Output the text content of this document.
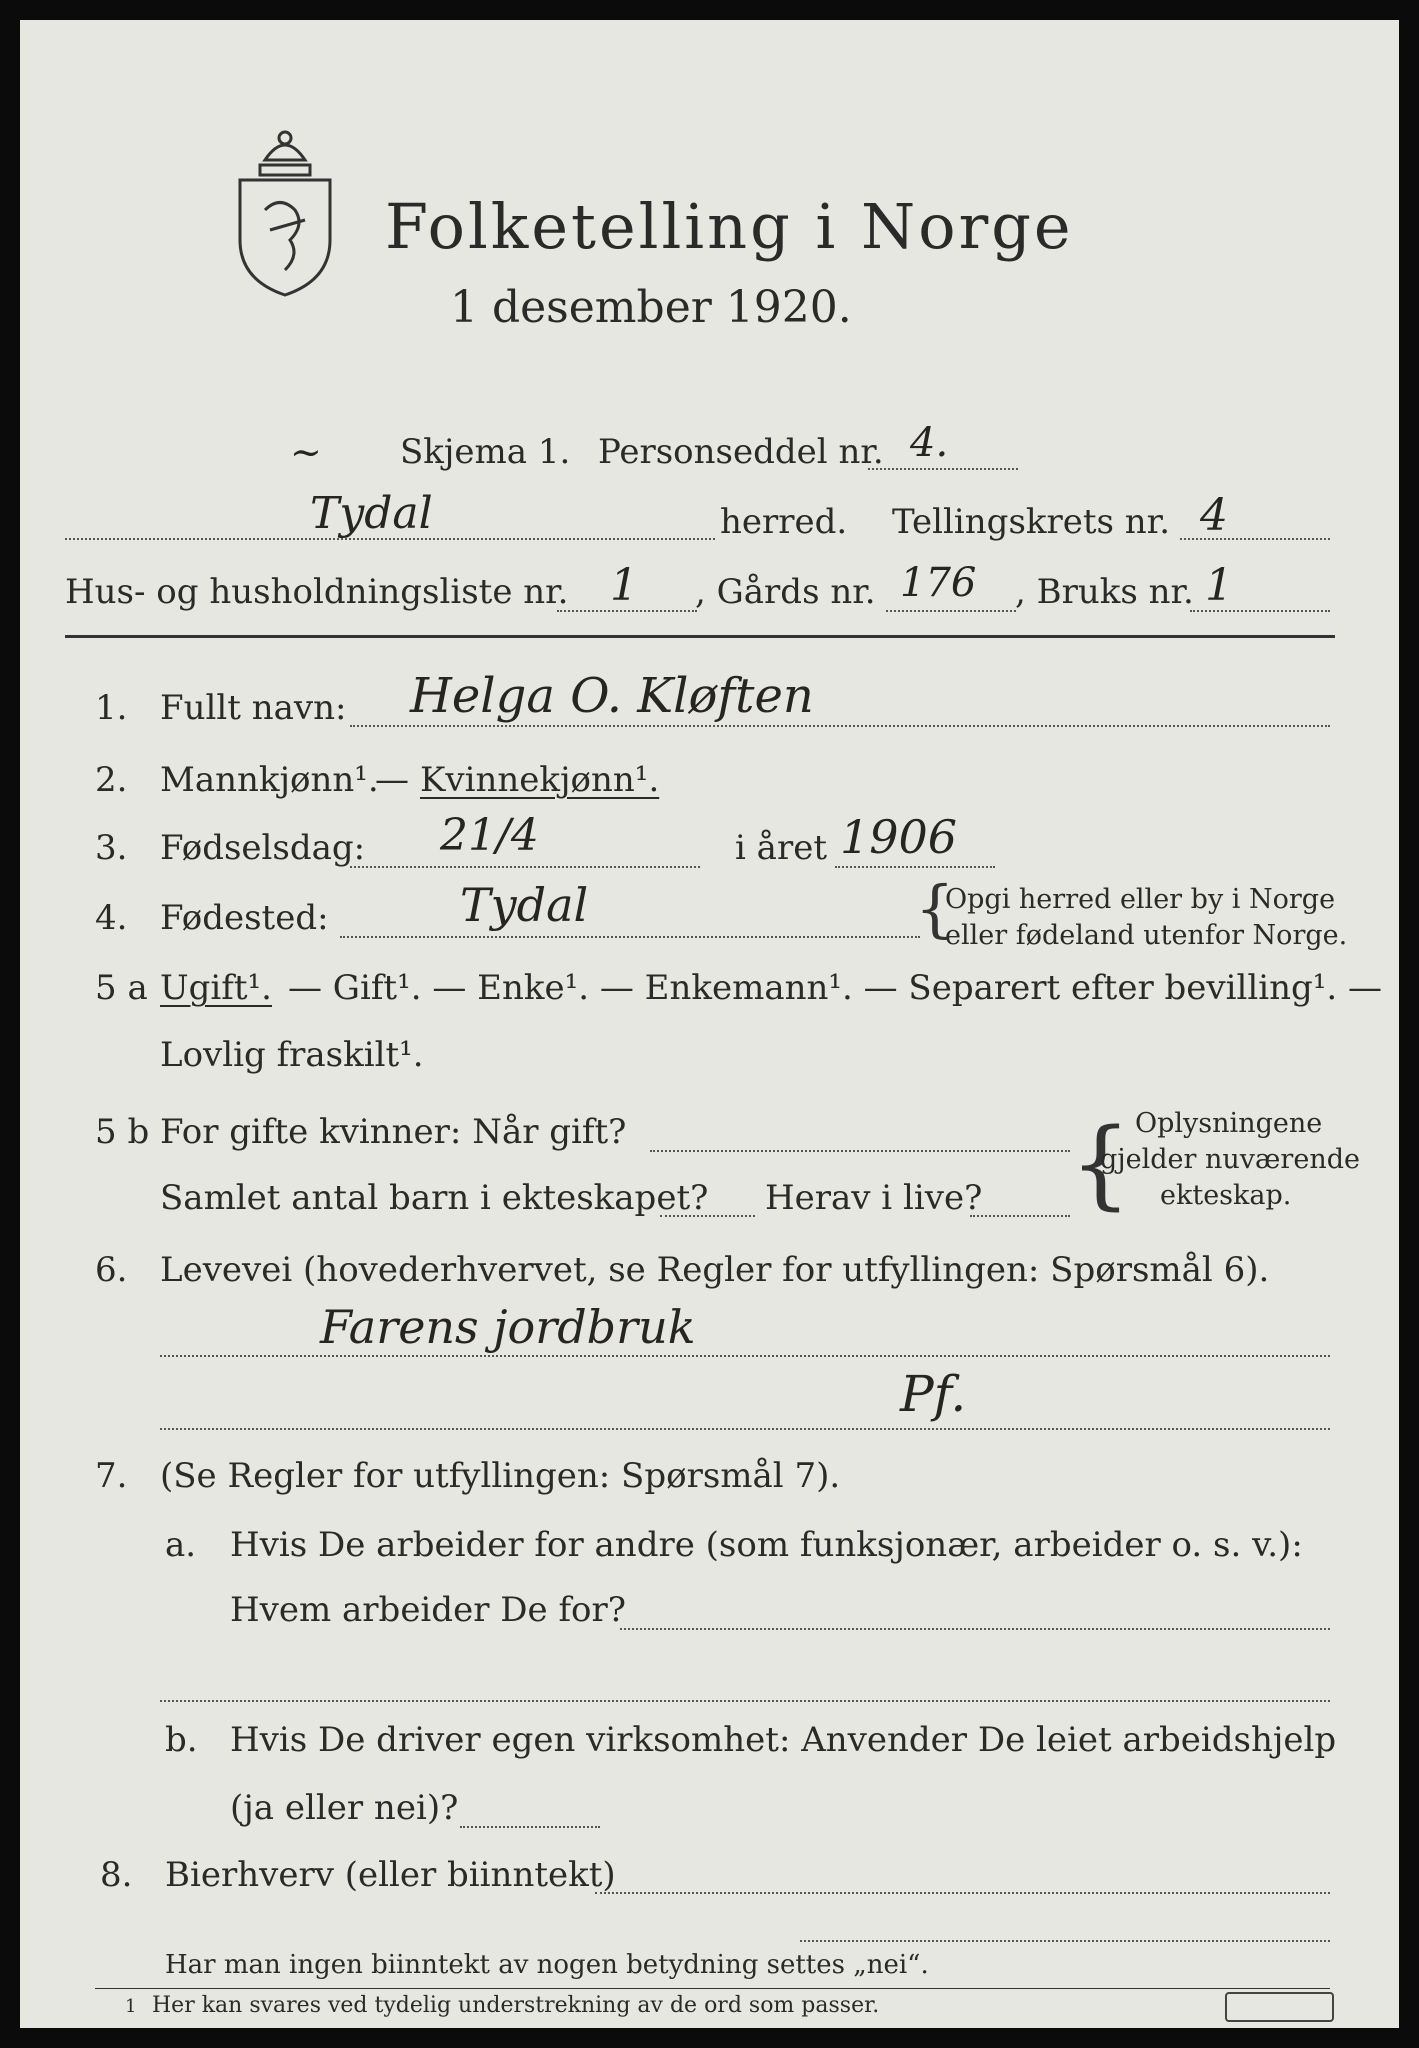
Folketelling i Norge
1 desember 1920.
~ Skjema 1. Personseddel nr. 4.
Tydal	herred. Tellingskrets nr. 4
Hus- og husholdningsliste nr. 1 , Gårds nr. 176 , Bruks nr. 1
1. Fullt navn: Helga O. Kløften
2. Mannkjønn¹.
— Kvinnekjønn¹.
3. Fødselsdag: 21/4	i året 1906
4. Fødested:	Tydal	{
Opgi herred eller by i Norge
eller fødeland utenfor Norge.
5 a Ugift¹. — Gift¹. — Enke¹. — Enkemann¹. — Separert efter bevilling¹. —
Lovlig fraskilt¹.
5 b For gifte kvinner: Når gift?
Samlet antal barn i ekteskapet? Herav i live? { Oplysningene
gjelder nuværende
ekteskap.
6. Levevei (hovederhvervet, se Regler for utfyllingen: Spørsmål 6).
Farens jordbruk
Pf.
7. (Se Regler for utfyllingen: Spørsmål 7).
a. Hvis De arbeider for andre (som funksjonær, arbeider o. s. v.):
Hvem arbeider De for?
b. Hvis De driver egen virksomhet: Anvender De leiet arbeidshjelp
(ja eller nei)?
8. Bierhverv (eller biinntekt)
Har man ingen biinntekt av nogen betydning settes „nei“.
1 Her kan svares ved tydelig understrekning av de ord som passer.
